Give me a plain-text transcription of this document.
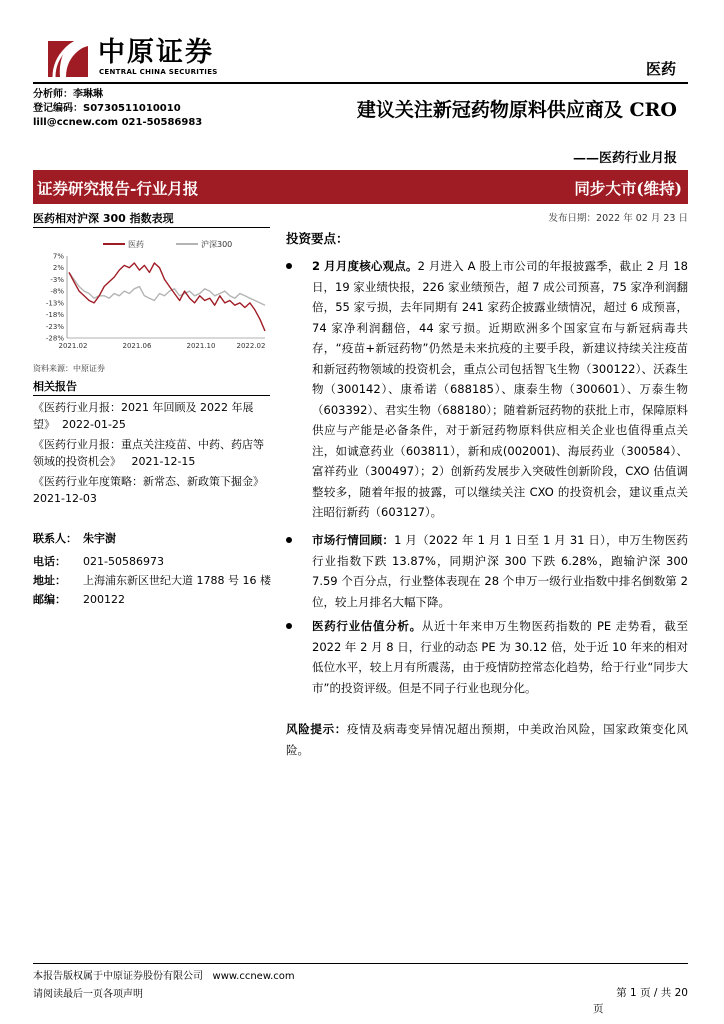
中原证券
CENTRAL CHINA SECURITIES	医药
分析师：李琳琳
登记编码：S0730511010010
lill@ccnew.com 021-50586983
建议关注新冠药物原料供应商及 CRO
——医药行业月报
证券研究报告-行业月报	同步大市(维持)
医药相对沪深 300 指数表现
医药	沪深300
7%
2%
-3%
-8%
-13%
-18%
-23%
-28%
2021.02	2021.06	2021.10	2022.02
资料来源：中原证券
相关报告
《医药行业月报：2021 年回顾及 2022 年展望》 2022-01-25
《医药行业月报：重点关注疫苗、中药、药店等领域的投资机会》 2021-12-15
《医药行业年度策略：新常态、新政策下掘金》
2021-12-03
联系人： 朱宇澍
电话： 021-50586973
地址： 上海浦东新区世纪大道 1788 号 16 楼
邮编： 200122
发布日期：2022 年 02 月 23 日
投资要点：
2 月月度核心观点。2 月进入 A 股上市公司的年报披露季，截止 2 月 18 日，19 家业绩快报，226 家业绩预告，超 7 成公司预喜，75 家净利润翻倍，55 家亏损，去年同期有 241 家药企披露业绩情况，超过 6 成预喜，74 家净利润翻倍，44 家亏损。近期欧洲多个国家宣布与新冠病毒共存，“疫苗+新冠药物”仍然是未来抗疫的主要手段，新建议持续关注疫苗和新冠药物领域的投资机会，重点公司包括智飞生物（300122）、沃森生物（300142）、康希诺（688185）、康泰生物（300601）、万泰生物（603392）、君实生物（688180）；随着新冠药物的获批上市，保障原料供应与产能是必备条件，对于新冠药物原料供应相关企业也值得重点关注，如诚意药业（603811），新和成(002001)、海辰药业（300584）、富祥药业（300497）；2）创新药发展步入突破性创新阶段，CXO 估值调整较多，随着年报的披露，可以继续关注 CXO 的投资机会，建议重点关注昭衍新药（603127）。
市场行情回顾：1 月（2022 年 1 月 1 日至 1 月 31 日），申万生物医药行业指数下跌 13.87%，同期沪深 300 下跌 6.28%，跑输沪深 300 7.59 个百分点，行业整体表现在 28 个申万一级行业指数中排名倒数第 2 位，较上月排名大幅下降。
医药行业估值分析。从近十年来申万生物医药指数的 PE 走势看，截至 2022 年 2 月 8 日，行业的动态 PE 为 30.12 倍，处于近 10 年来的相对低位水平，较上月有所震荡，由于疫情防控常态化趋势，给于行业“同步大市”的投资评级。但是不同子行业也现分化。
风险提示：疫情及病毒变异情况超出预期，中美政治风险，国家政策变化风险。
本报告版权属于中原证券股份有限公司 www.ccnew.com
请阅读最后一页各项声明	第 1 页 / 共 20
页
